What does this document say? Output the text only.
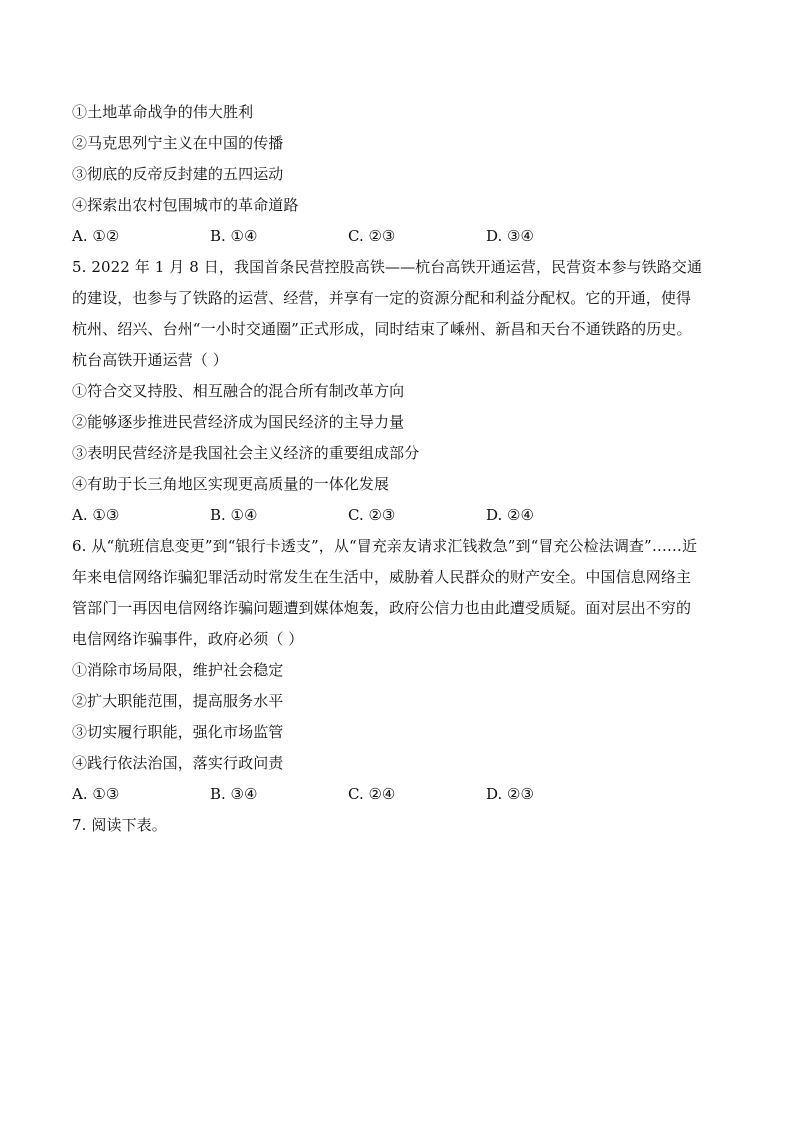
①土地革命战争的伟大胜利
②马克思列宁主义在中国的传播
③彻底的反帝反封建的五四运动
④探索出农村包围城市的革命道路
A. ①②	B. ①④	C. ②③	D. ③④
5. 2022 年 1 月 8 日，我国首条民营控股高铁——杭台高铁开通运营，民营资本参与铁路交通
的建设，也参与了铁路的运营、经营，并享有一定的资源分配和利益分配权。它的开通，使得
杭州、绍兴、台州“一小时交通圈”正式形成，同时结束了嵊州、新昌和天台不通铁路的历史。
杭台高铁开通运营（ ）
①符合交叉持股、相互融合的混合所有制改革方向
②能够逐步推进民营经济成为国民经济的主导力量
③表明民营经济是我国社会主义经济的重要组成部分
④有助于长三角地区实现更高质量的一体化发展
A. ①③	B. ①④	C. ②③	D. ②④
6. 从“航班信息变更”到“银行卡透支”，从“冒充亲友请求汇钱救急”到“冒充公检法调查”……近
年来电信网络诈骗犯罪活动时常发生在生活中，威胁着人民群众的财产安全。中国信息网络主
管部门一再因电信网络诈骗问题遭到媒体炮轰，政府公信力也由此遭受质疑。面对层出不穷的
电信网络诈骗事件，政府必须（ ）
①消除市场局限，维护社会稳定
②扩大职能范围，提高服务水平
③切实履行职能，强化市场监管
④践行依法治国，落实行政问责
A. ①③	B. ③④	C. ②④	D. ②③
7. 阅读下表。
